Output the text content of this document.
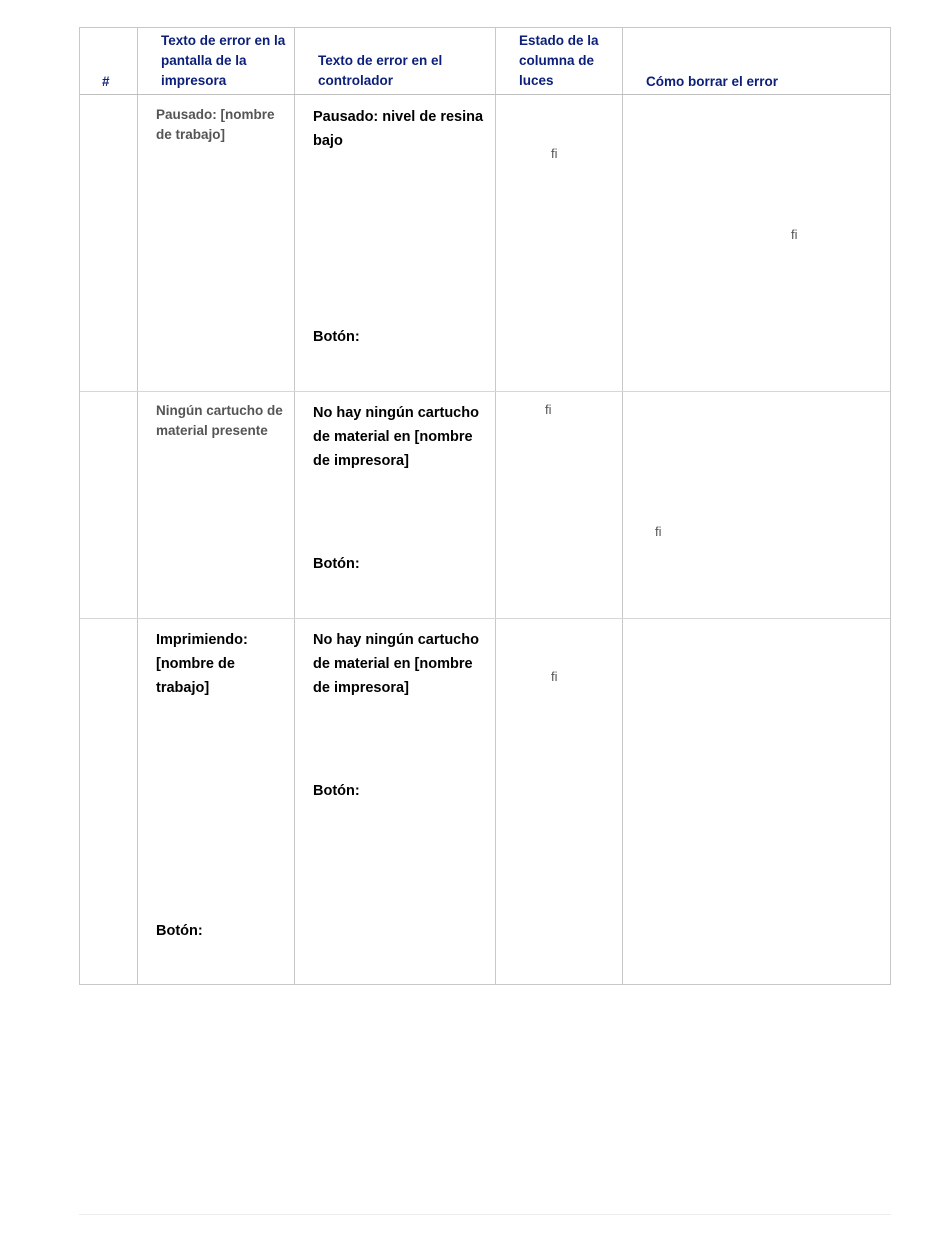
#
Texto de error en la pantalla de la impresora
Texto de error en el controlador
Estado de la columna de luces	Cómo borrar el error
Pausado: [nombre de trabajo]
Pausado: nivel de resina bajo
Botón:
ﬁ
ﬁ
Ningún cartucho de material presente
No hay ningún cartucho de material en [nombre de impresora]
Botón:
ﬁ
ﬁ
Imprimiendo: [nombre de trabajo]
Botón:
No hay ningún cartucho de material en [nombre de impresora]
Botón:
ﬁ
